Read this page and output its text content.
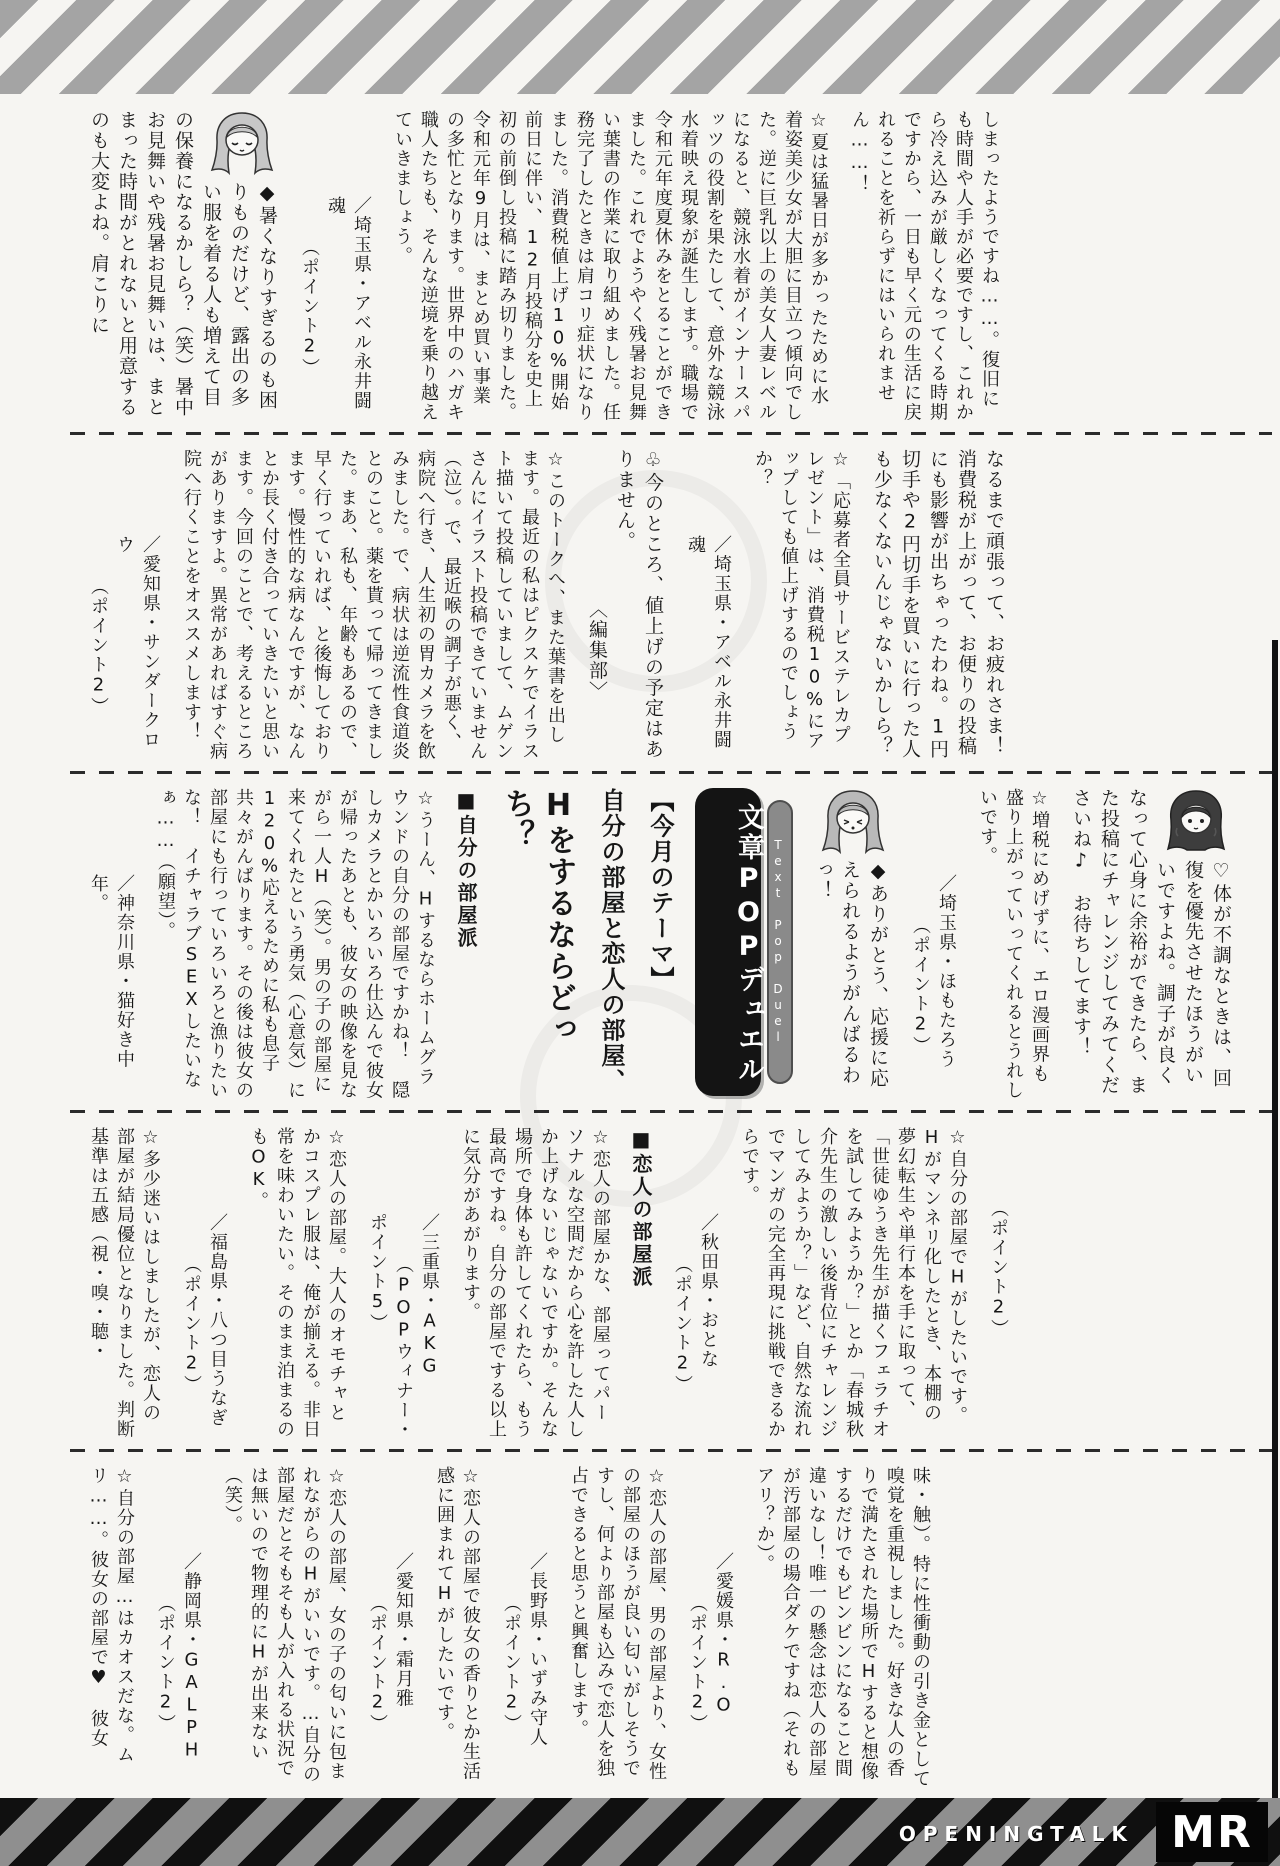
しまったようですね……。復旧にも時間や人手が必要ですし、これから冷え込みが厳しくなってくる時期ですから、一日も早く元の生活に戻れることを祈らずにはいられません……！

☆夏は猛暑日が多かったために水着姿美少女が大胆に目立つ傾向でした。逆に巨乳以上の美女人妻レベルになると、競泳水着がインナースパッツの役割を果たして、意外な競泳水着映え現象が誕生します。職場で令和元年度夏休みをとることができました。これでようやく残暑お見舞い葉書の作業に取り組めました。任務完了したときは肩コリ症状になりました。消費税値上げ10%開始前日に伴い、12月投稿分を史上初の前倒し投稿に踏み切りました。令和元年9月は、まとめ買い事業の多忙となります。世界中のハガキ職人たちも、そんな逆境を乗り越えていきましょう。

／埼玉県・アベル永井闘魂
（ポイント2）

◆暑くなりすぎるのも困りものだけど、露出の多い服を着る人も増えて目の保養になるかしら？（笑）暑中お見舞いや残暑お見舞いは、まとまった時間がとれないと用意するのも大変よね。肩こりに

なるまで頑張って、お疲れさま！消費税が上がって、お便りの投稿にも影響が出ちゃったわね。1円切手や2円切手を買いに行った人も少なくないんじゃないかしら？

☆「応募者全員サービステレカプレゼント」は、消費税10%にアップしても値上げするのでしょうか？

／埼玉県・アベル永井闘魂

♧今のところ、値上げの予定はありません。
〈編集部〉

☆このトークへ、また葉書を出します。最近の私はピクスケでイラスト描いて投稿していまして、ムゲンさんにイラスト投稿できていません（泣）。で、最近喉の調子が悪く、病院へ行き、人生初の胃カメラを飲みました。で、病状は逆流性食道炎とのこと。薬を貰って帰ってきました。まあ、私も、年齢もあるので、早く行っていれば、と後悔しております。慢性的な病なんですが、なんとか長く付き合っていきたいと思います。今回のことで、考えるところがありますよ。異常があればすぐ病院へ行くことをオススメします！

／愛知県・サンダークロウ
（ポイント2）

♡体が不調なときは、回復を優先させたほうがいいですよね。調子が良くなって心身に余裕ができたら、また投稿にチャレンジしてみてくださいね♪　お待ちしてます！

☆増税にめげずに、エロ漫画界も盛り上がっていってくれるとうれしいです。

／埼玉県・ほもたろう
（ポイント2）

◆ありがとう、応援に応えられるようがんばるわっ！

Text Pop Duel
文章POPデュエル

【今月のテーマ】

自分の部屋と恋人の部屋、

Hをするならどっち？

■自分の部屋派

☆うーん、Hするならホームグラウンドの自分の部屋ですかね！　隠しカメラとかいろいろ仕込んで彼女が帰ったあとも、彼女の映像を見ながら一人H（笑）。男の子の部屋に来てくれたという勇気（心意気）に120%応えるために私も息子共々がんばります。その後は彼女の部屋にも行っていろいろと漁りたいな！　イチャラブSEXしたいなぁ……（願望）。

／神奈川県・猫好き中年。

（ポイント2）

☆自分の部屋でHがしたいです。Hがマンネリ化したとき、本棚の夢幻転生や単行本を手に取って、「世徒ゆうき先生が描くフェラチオを試してみようか？」とか「春城秋介先生の激しい後背位にチャレンジしてみようか？」など、自然な流れでマンガの完全再現に挑戦できるからです。

／秋田県・おとな
（ポイント2）

■恋人の部屋派

☆恋人の部屋かな、部屋ってパーソナルな空間だから心を許した人しか上げないじゃないですか。そんな場所で身体も許してくれたら、もう最高ですね。自分の部屋でする以上に気分があがります。

／三重県・AKG
（POPウィナー・ポイント5）

☆恋人の部屋。大人のオモチャとかコスプレ服は、俺が揃える。非日常を味わいたい。そのまま泊まるのもOK。

／福島県・八つ目うなぎ
（ポイント2）

☆多少迷いはしましたが、恋人の部屋が結局優位となりました。判断基準は五感（視・嗅・聴・

味・触）。特に性衝動の引き金として嗅覚を重視しました。好きな人の香りで満たされた場所でHすると想像するだけでもビンビンになること間違いなし！唯一の懸念は恋人の部屋が汚部屋の場合ダケですね（それもアリ？か）。

／愛媛県・R.O
（ポイント2）

☆恋人の部屋、男の部屋より、女性の部屋のほうが良い匂いがしそうですし、何より部屋も込みで恋人を独占できると思うと興奮します。

／長野県・いずみ守人
（ポイント2）

☆恋人の部屋で彼女の香りとか生活感に囲まれてHがしたいです。

／愛知県・霜月雅
（ポイント2）

☆恋人の部屋、女の子の匂いに包まれながらのHがいいです。…自分の部屋だとそもそも人が入れる状況では無いので物理的にHが出来ない（笑）。

／静岡県・GALPH
（ポイント2）

☆自分の部屋…はカオスだな。ムリ……。彼女の部屋で♥　彼女

OPENINGTALK MR
